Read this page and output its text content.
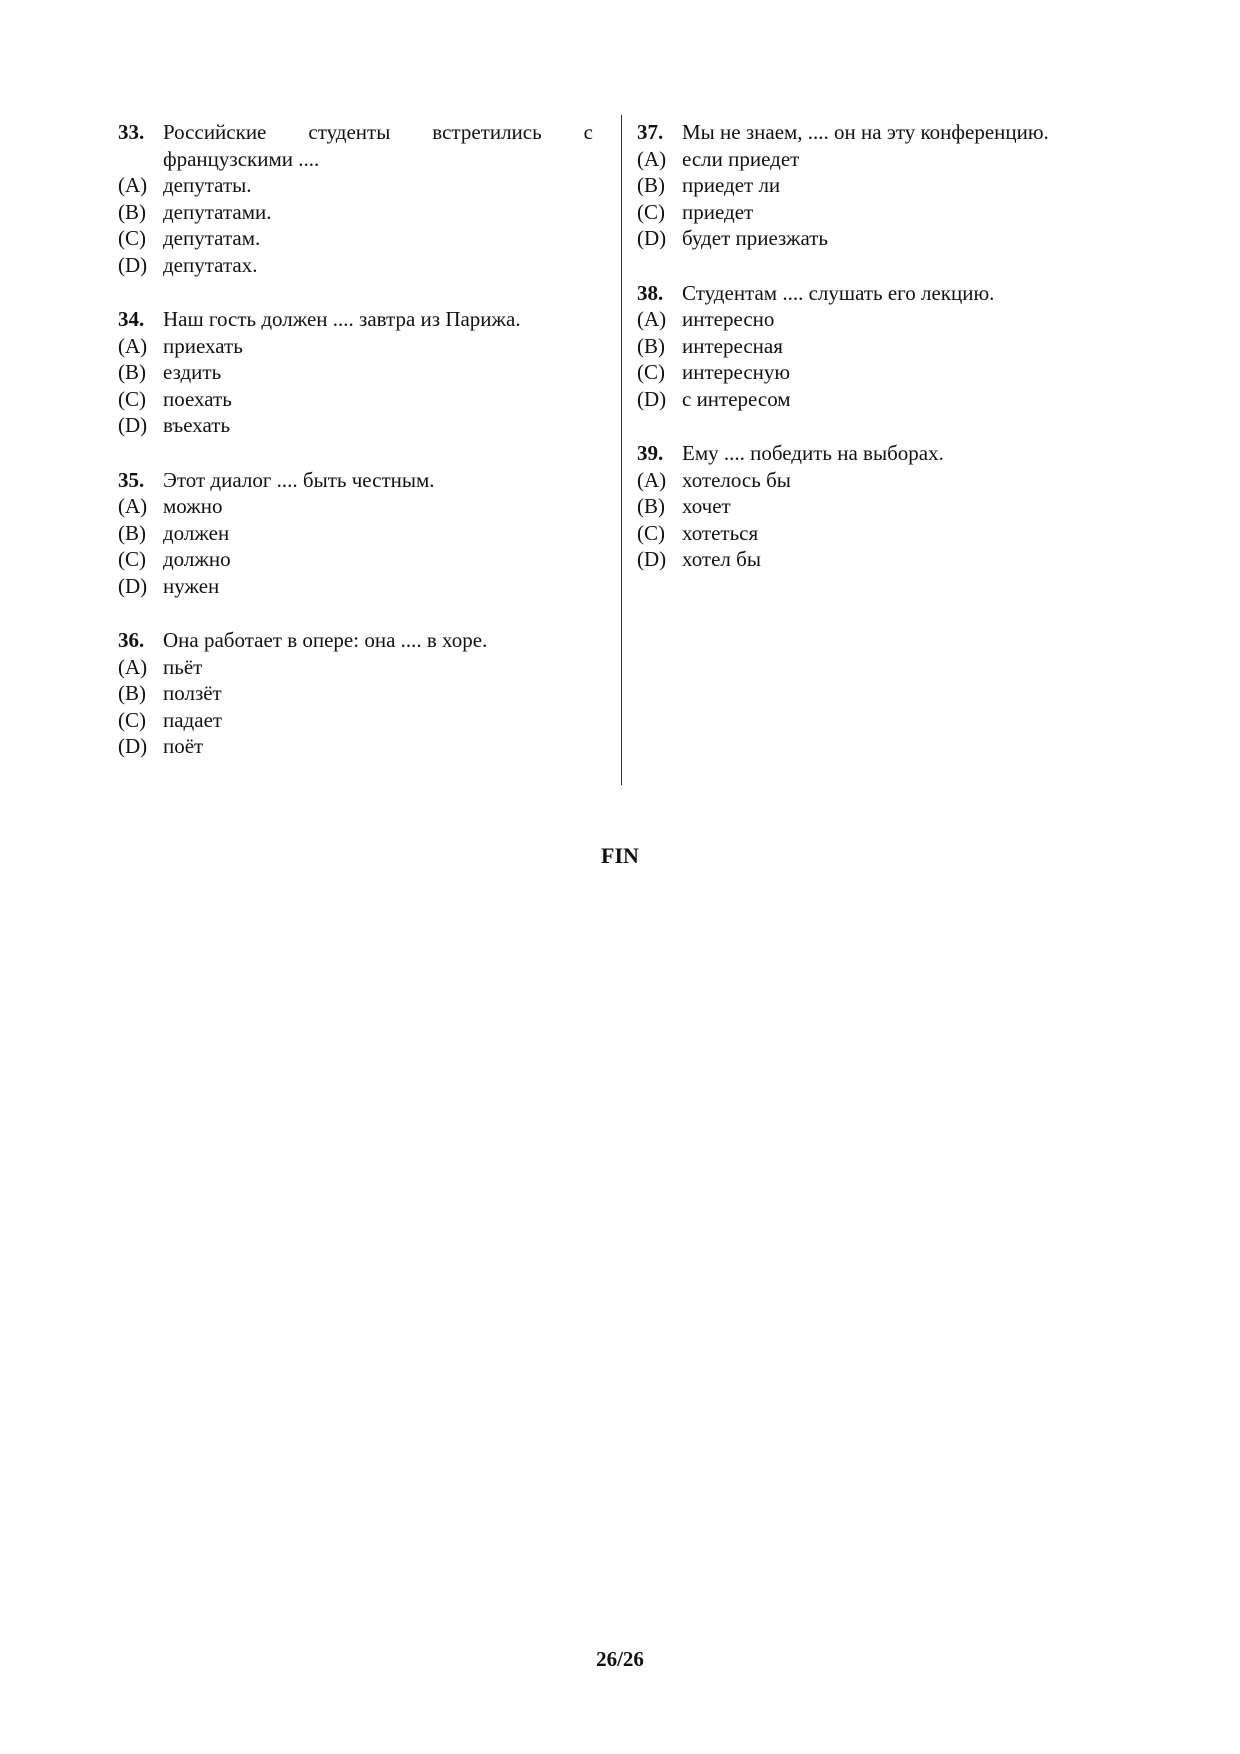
33. Российские студенты встретились с
французскими ....
(A) депутаты.
(B) депутатами.
(C) депутатам.
(D) депутатах.
34. Наш гость должен .... завтра из Парижа.
(A) приехать
(B) ездить
(C) поехать
(D) въехать
35. Этот диалог .... быть честным.
(A) можно
(B) должен
(C) должно
(D) нужен
36. Она работает в опере: она .... в хоре.
(A) пьёт
(B) ползёт
(C) падает
(D) поёт
37. Мы не знаем, .... он на эту конференцию.
(A) если приедет
(B) приедет ли
(C) приедет
(D) будет приезжать
38. Студентам .... слушать его лекцию.
(A) интересно
(B) интересная
(C) интересную
(D) с интересом
39. Ему .... победить на выборах.
(A) хотелось бы
(B) хочет
(C) хотеться
(D) хотел бы
FIN
26/26
